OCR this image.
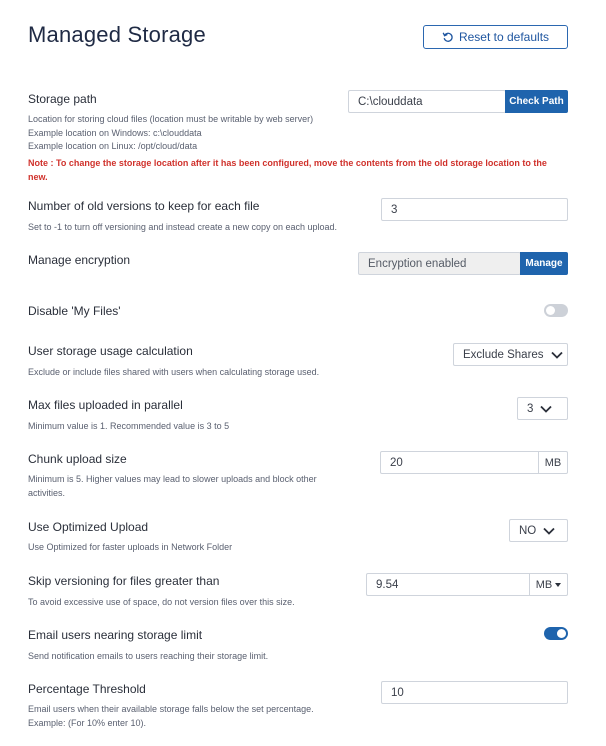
Managed Storage	Reset to defaults
Storage path	C:\clouddata	Check Path
Location for storing cloud files (location must be writable by web server)
Example location on Windows: c:\clouddata
Example location on Linux: /opt/cloud/data
Note : To change the storage location after it has been configured, move the contents from the old storage location to the
new.
Number of old versions to keep for each file	3
Set to -1 to turn off versioning and instead create a new copy on each upload.
Manage encryption	Encryption enabled	Manage
Disable 'My Files'
User storage usage calculation	Exclude Shares
Exclude or include files shared with users when calculating storage used.
Max files uploaded in parallel	3
Minimum value is 1. Recommended value is 3 to 5
Chunk upload size	20	MB
Minimum is 5. Higher values may lead to slower uploads and block other
activities.
Use Optimized Upload	NO
Use Optimized for faster uploads in Network Folder
Skip versioning for files greater than	9.54	MB
To avoid excessive use of space, do not version files over this size.
Email users nearing storage limit
Send notification emails to users reaching their storage limit.
Percentage Threshold	10
Email users when their available storage falls below the set percentage.
Example: (For 10% enter 10).
